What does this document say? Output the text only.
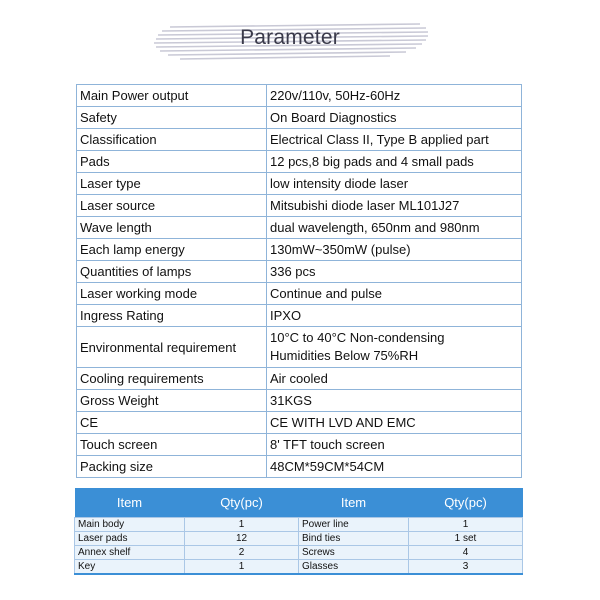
Parameter
Main Power output	220v/110v, 50Hz-60Hz
Safety	On Board Diagnostics
Classification	Electrical Class II, Type B applied part
Pads	12 pcs,8 big pads and 4 small pads
Laser type	low intensity diode laser
Laser source	Mitsubishi diode laser ML101J27
Wave length	dual wavelength, 650nm and 980nm
Each lamp energy	130mW~350mW (pulse)
Quantities of lamps	336 pcs
Laser working mode	Continue and pulse
Ingress Rating	IPXO
Environmental requirement	10°C to 40°C Non-condensing
Humidities Below 75%RH

Cooling requirements	Air cooled
Gross Weight	31KGS
CE	CE WITH LVD AND EMC
Touch screen	8' TFT touch screen
Packing size	48CM*59CM*54CM
Item	Qty(pc)	Item	Qty(pc)
Main body	1	Power line	1
Laser pads	12	Bind ties	1 set
Annex shelf	2	Screws	4
Key	1	Glasses	3
